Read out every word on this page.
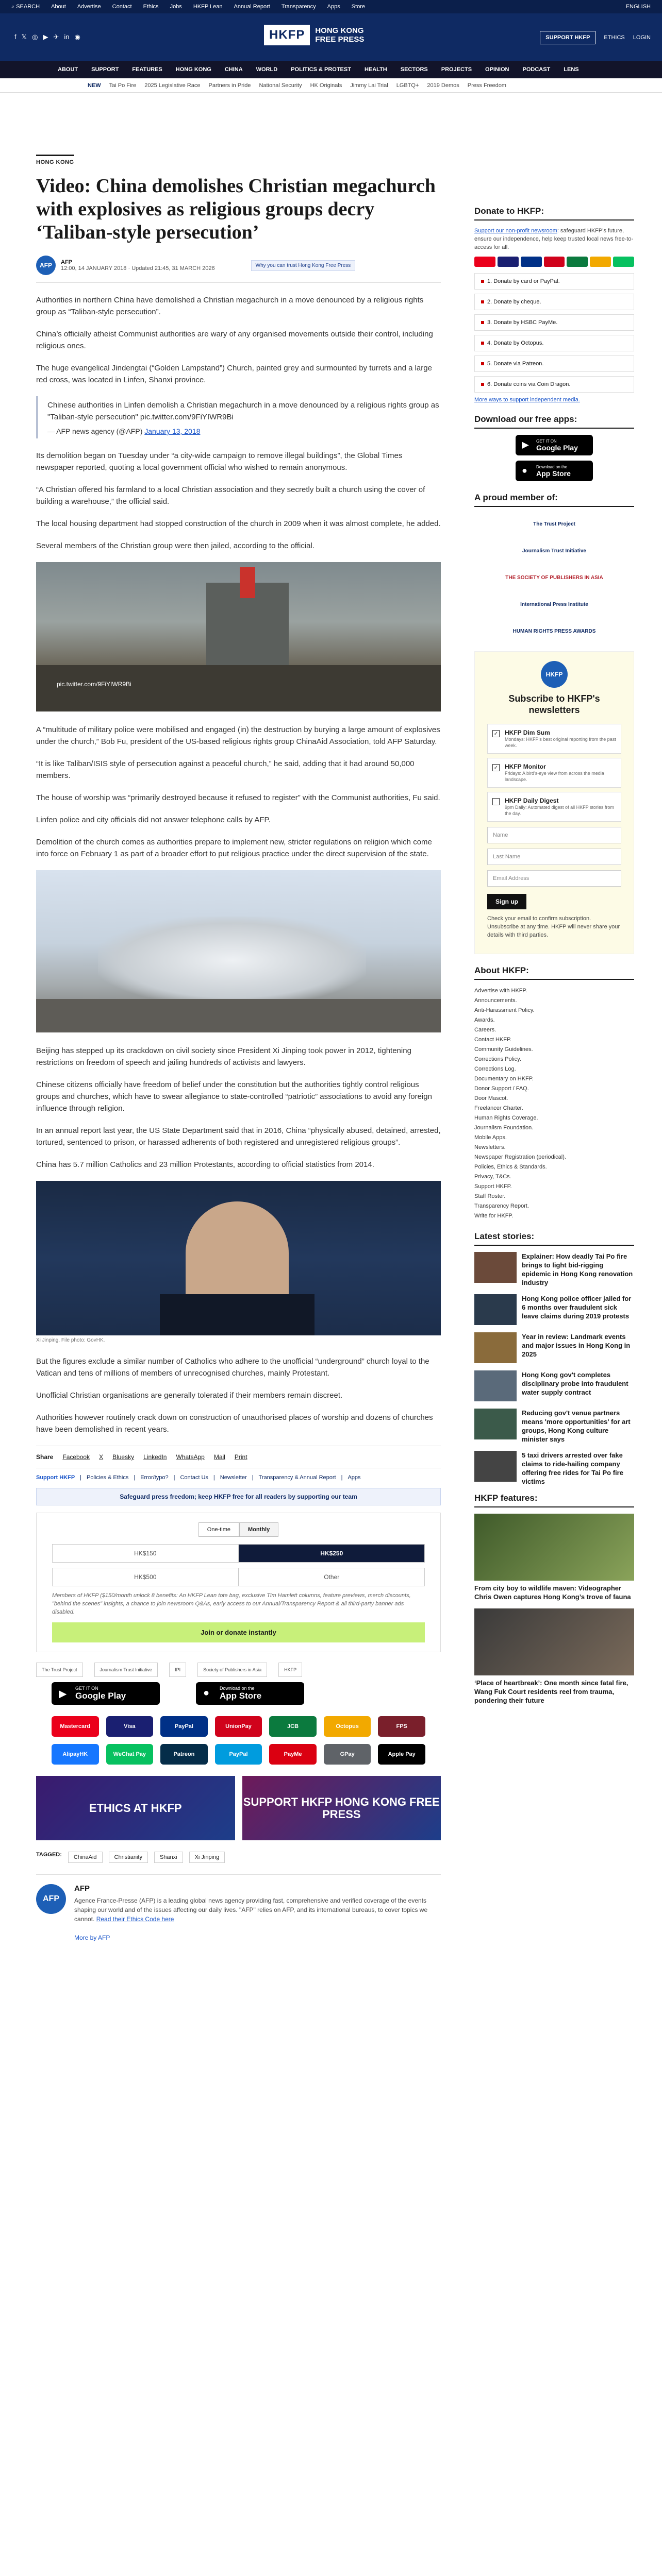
⌕ SEARCH About Advertise Contact Ethics Jobs HKFP Lean Annual Report Transparency Apps Store	ENGLISH
f 𝕏 ◎ ▶ ✈ in ◉	HKFP	HONG KONG
FREE PRESS	SUPPORT HKFP	ETHICS LOGIN
ABOUT SUPPORT FEATURES HONG KONG CHINA WORLD POLITICS & PROTEST HEALTH SECTORS PROJECTS OPINION PODCAST LENS
NEW Tai Po Fire 2025 Legislative Race Partners in Pride National Security HK Originals Jimmy Lai Trial LGBTQ+ 2019 Demos Press Freedom
HONG KONG
Video: China demolishes Christian megachurch with explosives as religious groups decry ‘Taliban-style persecution’
AFP	AFP
12:00, 14 JANUARY 2018 · Updated 21:45, 31 MARCH 2026	Why you can trust Hong Kong Free Press

Authorities in northern China have demolished a Christian megachurch in a move denounced by a religious rights group as “Taliban-style persecution”.

China’s officially atheist Communist authorities are wary of any organised movements outside their control, including religious ones.

The huge evangelical Jindengtai (“Golden Lampstand”) Church, painted grey and surmounted by turrets and a large red cross, was located in Linfen, Shanxi province.

Chinese authorities in Linfen demolish a Christian megachurch in a move denounced by a religious rights group as "Taliban-style persecution" pic.twitter.com/9FiYIWR9Bi

— AFP news agency (@AFP) January 13, 2018

Its demolition began on Tuesday under “a city-wide campaign to remove illegal buildings”, the Global Times newspaper reported, quoting a local government official who wished to remain anonymous.

“A Christian offered his farmland to a local Christian association and they secretly built a church using the cover of building a warehouse,” the official said.

The local housing department had stopped construction of the church in 2009 when it was almost complete, he added.

Several members of the Christian group were then jailed, according to the official.

pic.twitter.com/9FiYIWR9Bi

A “multitude of military police were mobilised and engaged (in) the destruction by burying a large amount of explosives under the church,” Bob Fu, president of the US-based religious rights group ChinaAid Association, told AFP Saturday.

“It is like Taliban/ISIS style of persecution against a peaceful church,” he said, adding that it had around 50,000 members.

The house of worship was “primarily destroyed because it refused to register” with the Communist authorities, Fu said.

Linfen police and city officials did not answer telephone calls by AFP.

Demolition of the church comes as authorities prepare to implement new, stricter regulations on religion which come into force on February 1 as part of a broader effort to put religious practice under the direct supervision of the state.

Beijing has stepped up its crackdown on civil society since President Xi Jinping took power in 2012, tightening restrictions on freedom of speech and jailing hundreds of activists and lawyers.

Chinese citizens officially have freedom of belief under the constitution but the authorities tightly control religious groups and churches, which have to swear allegiance to state-controlled “patriotic” associations to avoid any foreign influence through religion.

In an annual report last year, the US State Department said that in 2016, China “physically abused, detained, arrested, tortured, sentenced to prison, or harassed adherents of both registered and unregistered religious groups”.

China has 5.7 million Catholics and 23 million Protestants, according to official statistics from 2014.

Xi Jinping. File photo: GovHK.

But the figures exclude a similar number of Catholics who adhere to the unofficial “underground” church loyal to the Vatican and tens of millions of members of unrecognised churches, mainly Protestant.

Unofficial Christian organisations are generally tolerated if their members remain discreet.

Authorities however routinely crack down on construction of unauthorised places of worship and dozens of churches have been demolished in recent years.

Share Facebook X Bluesky LinkedIn WhatsApp Mail Print
Support HKFP | Policies & Ethics | Error/typo? | Contact Us | Newsletter | Transparency & Annual Report | Apps
Safeguard press freedom; keep HKFP free for all readers by supporting our team
One-time	Monthly
HK$150	HK$250
HK$500	Other
Members of HKFP ($150/month unlock 8 benefits: An HKFP Lean tote bag, exclusive Tim Hamlett columns, feature previews, merch discounts, "behind the scenes" insights, a chance to join newsroom Q&As, early access to our Annual/Transparency Report & all third-party banner ads disabled.
Join or donate instantly
The Trust Project	Journalism Trust Initiative	IPI	Society of Publishers in Asia	HKFP
▶ GET IT ON
Google Play	● Download on the
App Store
Mastercard	Visa	PayPal	UnionPay	JCB	Octopus	FPS
AlipayHK	WeChat Pay	Patreon	PayPal	PayMe	GPay	Apple Pay
ETHICS AT HKFP	SUPPORT HKFP HONG KONG FREE PRESS
TAGGED:	ChinaAid	Christianity	Shanxi	Xi Jinping
AFP
AFP

Agence France-Presse (AFP) is a leading global news agency providing fast, comprehensive and verified coverage of the events shaping our world and of the issues affecting our daily lives. "AFP" relies on AFP, and its international bureaus, to cover topics we cannot. Read their Ethics Code here

More by AFP
Donate to HKFP:

Support our non-profit newsroom: safeguard HKFP's future, ensure our independence, help keep trusted local news free-to-access for all.

1. Donate by card or PayPal.
2. Donate by cheque.
3. Donate by HSBC PayMe.
4. Donate by Octopus.
5. Donate via Patreon.
6. Donate coins via Coin Dragon.
More ways to support independent media.
Download our free apps:
▶ GET IT ON
Google Play
● Download on the
App Store
A proud member of:
The Trust Project
Journalism Trust Initiative
THE SOCIETY OF PUBLISHERS IN ASIA
International Press Institute
HUMAN RIGHTS PRESS AWARDS
HKFP
Subscribe to HKFP's newsletters
✓ HKFP Dim Sum
Mondays: HKFP's best original reporting from the past week.
✓ HKFP Monitor
Fridays: A bird's-eye view from across the media landscape.
HKFP Daily Digest
9pm Daily: Automated digest of all HKFP stories from the day.
Name
Last Name
Email Address
Sign up

Check your email to confirm subscription. Unsubscribe at any time. HKFP will never share your details with third parties.

About HKFP:
Advertise with HKFP.
Announcements.
Anti-Harassment Policy.
Awards.
Careers.
Contact HKFP.
Community Guidelines.
Corrections Policy.
Corrections Log.
Documentary on HKFP.
Donor Support / FAQ.
Door Mascot.
Freelancer Charter.
Human Rights Coverage.
Journalism Foundation.
Mobile Apps.
Newsletters.
Newspaper Registration (periodical).
Policies, Ethics & Standards.
Privacy, T&Cs.
Support HKFP.
Staff Roster.
Transparency Report.
Write for HKFP.
Latest stories:

Explainer: How deadly Tai Po fire brings to light bid-rigging epidemic in Hong Kong renovation industry

Hong Kong police officer jailed for 6 months over fraudulent sick leave claims during 2019 protests

Year in review: Landmark events and major issues in Hong Kong in 2025

Hong Kong gov't completes disciplinary probe into fraudulent water supply contract

Reducing gov't venue partners means 'more opportunities' for art groups, Hong Kong culture minister says

5 taxi drivers arrested over fake claims to ride-hailing company offering free rides for Tai Po fire victims

HKFP features:

From city boy to wildlife maven: Videographer Chris Owen captures Hong Kong’s trove of fauna

‘Place of heartbreak’: One month since fatal fire, Wang Fuk Court residents reel from trauma, pondering their future
